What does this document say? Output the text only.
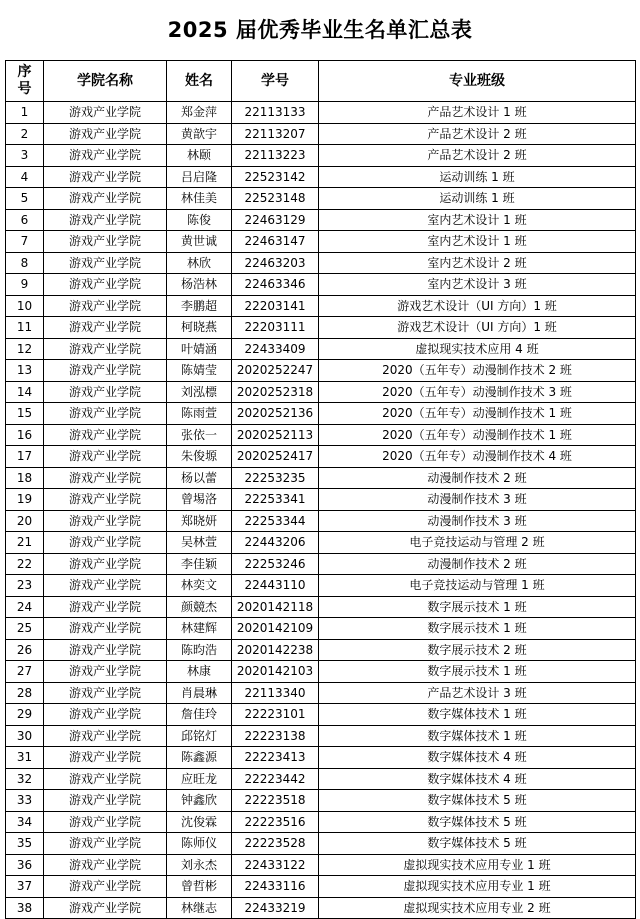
2025 届优秀毕业生名单汇总表
序
号	学院名称	姓名	学号	专业班级
1	游戏产业学院	郑金萍	22113133	产品艺术设计 1 班
2	游戏产业学院	黄歆宇	22113207	产品艺术设计 2 班
3	游戏产业学院	林颐	22113223	产品艺术设计 2 班
4	游戏产业学院	吕启隆	22523142	运动训练 1 班
5	游戏产业学院	林佳美	22523148	运动训练 1 班
6	游戏产业学院	陈俊	22463129	室内艺术设计 1 班
7	游戏产业学院	黄世诚	22463147	室内艺术设计 1 班
8	游戏产业学院	林欣	22463203	室内艺术设计 2 班
9	游戏产业学院	杨浩林	22463346	室内艺术设计 3 班
10	游戏产业学院	李鹏超	22203141	游戏艺术设计（UI 方向）1 班
11	游戏产业学院	柯晓燕	22203111	游戏艺术设计（UI 方向）1 班
12	游戏产业学院	叶婧涵	22433409	虚拟现实技术应用 4 班
13	游戏产业学院	陈婧莹	2020252247	2020（五年专）动漫制作技术 2 班
14	游戏产业学院	刘泓標	2020252318	2020（五年专）动漫制作技术 3 班
15	游戏产业学院	陈雨萱	2020252136	2020（五年专）动漫制作技术 1 班
16	游戏产业学院	张依一	2020252113	2020（五年专）动漫制作技术 1 班
17	游戏产业学院	朱俊塬	2020252417	2020（五年专）动漫制作技术 4 班
18	游戏产业学院	杨以蕾	22253235	动漫制作技术 2 班
19	游戏产业学院	曾埸洛	22253341	动漫制作技术 3 班
20	游戏产业学院	郑晓妍	22253344	动漫制作技术 3 班
21	游戏产业学院	吴林萱	22443206	电子竞技运动与管理 2 班
22	游戏产业学院	李佳颖	22253246	动漫制作技术 2 班
23	游戏产业学院	林奕文	22443110	电子竞技运动与管理 1 班
24	游戏产业学院	颜競杰	2020142118	数字展示技术 1 班
25	游戏产业学院	林建辉	2020142109	数字展示技术 1 班
26	游戏产业学院	陈昀浩	2020142238	数字展示技术 2 班
27	游戏产业学院	林康	2020142103	数字展示技术 1 班
28	游戏产业学院	肖晨琳	22113340	产品艺术设计 3 班
29	游戏产业学院	詹佳玲	22223101	数字媒体技术 1 班
30	游戏产业学院	邱铭灯	22223138	数字媒体技术 1 班
31	游戏产业学院	陈鑫源	22223413	数字媒体技术 4 班
32	游戏产业学院	应旺龙	22223442	数字媒体技术 4 班
33	游戏产业学院	钟鑫欣	22223518	数字媒体技术 5 班
34	游戏产业学院	沈俊霖	22223516	数字媒体技术 5 班
35	游戏产业学院	陈师仪	22223528	数字媒体技术 5 班
36	游戏产业学院	刘永杰	22433122	虚拟现实技术应用专业 1 班
37	游戏产业学院	曾哲彬	22433116	虚拟现实技术应用专业 1 班
38	游戏产业学院	林继志	22433219	虚拟现实技术应用专业 2 班
